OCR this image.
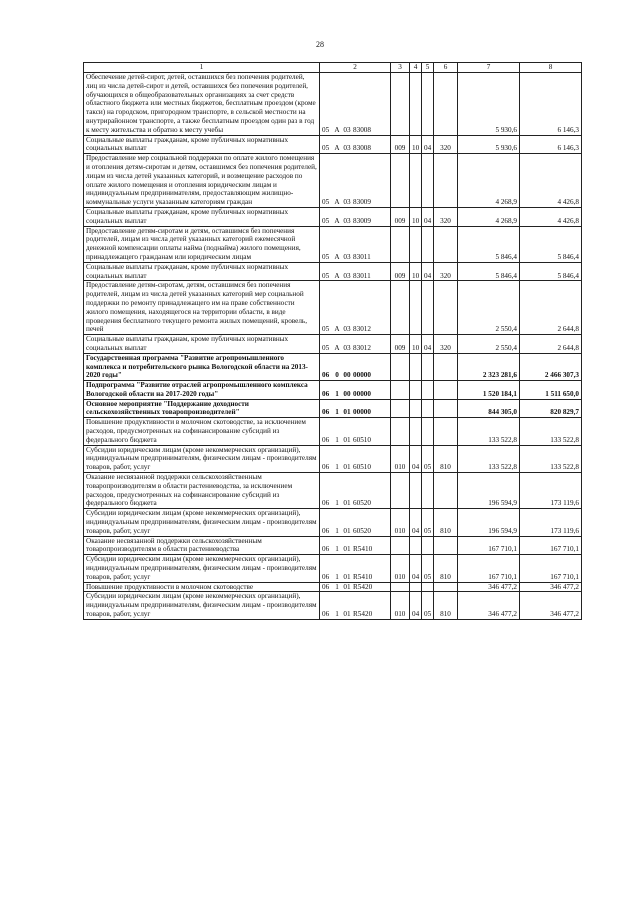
28
1	2	3	4	5	6	7	8
Обеспечение детей-сирот, детей, оставшихся без попечения родителей, лиц из числа детей-сирот и детей, оставшихся без попечения родителей, обучающихся в общеобразовательных организациях за счет средств областного бюджета или местных бюджетов, бесплатным проездом (кроме такси) на городском, пригородном транспорте, в сельской местности на внутрирайонном транспорте, а также бесплатным проездом один раз в год к месту жительства и обратно к месту учебы	05 А 03 83008					5 930,6	6 146,3
Социальные выплаты гражданам, кроме публичных нормативных социальных выплат	05 А 03 83008	009	10	04	320	5 930,6	6 146,3
Предоставление мер социальной поддержки по оплате жилого помещения и отопления детям-сиротам и детям, оставшимся без попечения родителей, лицам из числа детей указанных категорий, и возмещение расходов по оплате жилого помещения и отопления юридическим лицам и индивидуальным предпринимателям, предоставляющим жилищно-коммунальные услуги указанным категориям граждан	05 А 03 83009					4 268,9	4 426,8
Социальные выплаты гражданам, кроме публичных нормативных социальных выплат	05 А 03 83009	009	10	04	320	4 268,9	4 426,8
Предоставление детям-сиротам и детям, оставшимся без попечения родителей, лицам из числа детей указанных категорий ежемесячной денежной компенсации оплаты найма (поднайма) жилого помещения, принадлежащего гражданам или юридическим лицам	05 А 03 83011					5 846,4	5 846,4
Социальные выплаты гражданам, кроме публичных нормативных социальных выплат	05 А 03 83011	009	10	04	320	5 846,4	5 846,4
Предоставление детям-сиротам, детям, оставшимся без попечения родителей, лицам из числа детей указанных категорий мер социальной поддержки по ремонту принадлежащего им на праве собственности жилого помещения, находящегося на территории области, в виде проведения бесплатного текущего ремонта жилых помещений, кровель, печей	05 А 03 83012					2 550,4	2 644,8
Социальные выплаты гражданам, кроме публичных нормативных социальных выплат	05 А 03 83012	009	10	04	320	2 550,4	2 644,8
Государственная программа "Развитие агропромышленного комплекса и потребительского рынка Вологодской области на 2013-2020 годы"	06 0 00 00000					2 323 281,6	2 466 307,3
Подпрограмма "Развитие отраслей агропромышленного комплекса Вологодской области на 2017-2020 годы"	06 1 00 00000					1 520 184,1	1 511 650,0
Основное мероприятие "Поддержание доходности сельскохозяйственных товаропроизводителей"	06 1 01 00000					844 305,0	820 829,7
Повышение продуктивности в молочном скотоводстве, за исключением расходов, предусмотренных на софинансирование субсидий из федерального бюджета	06 1 01 60510					133 522,8	133 522,8
Субсидии юридическим лицам (кроме некоммерческих организаций), индивидуальным предпринимателям, физическим лицам - производителям товаров, работ, услуг	06 1 01 60510	010	04	05	810	133 522,8	133 522,8
Оказание несвязанной поддержки сельскохозяйственным товаропроизводителям в области растениеводства, за исключением расходов, предусмотренных на софинансирование субсидий из федерального бюджета	06 1 01 60520					196 594,9	173 119,6
Субсидии юридическим лицам (кроме некоммерческих организаций), индивидуальным предпринимателям, физическим лицам - производителям товаров, работ, услуг	06 1 01 60520	010	04	05	810	196 594,9	173 119,6
Оказание несвязанной поддержки сельскохозяйственным товаропроизводителям в области растениеводства	06 1 01 R5410					167 710,1	167 710,1
Субсидии юридическим лицам (кроме некоммерческих организаций), индивидуальным предпринимателям, физическим лицам - производителям товаров, работ, услуг	06 1 01 R5410	010	04	05	810	167 710,1	167 710,1
Повышение продуктивности в молочном скотоводстве	06 1 01 R5420					346 477,2	346 477,2
Субсидии юридическим лицам (кроме некоммерческих организаций), индивидуальным предпринимателям, физическим лицам - производителям товаров, работ, услуг	06 1 01 R5420	010	04	05	810	346 477,2	346 477,2
